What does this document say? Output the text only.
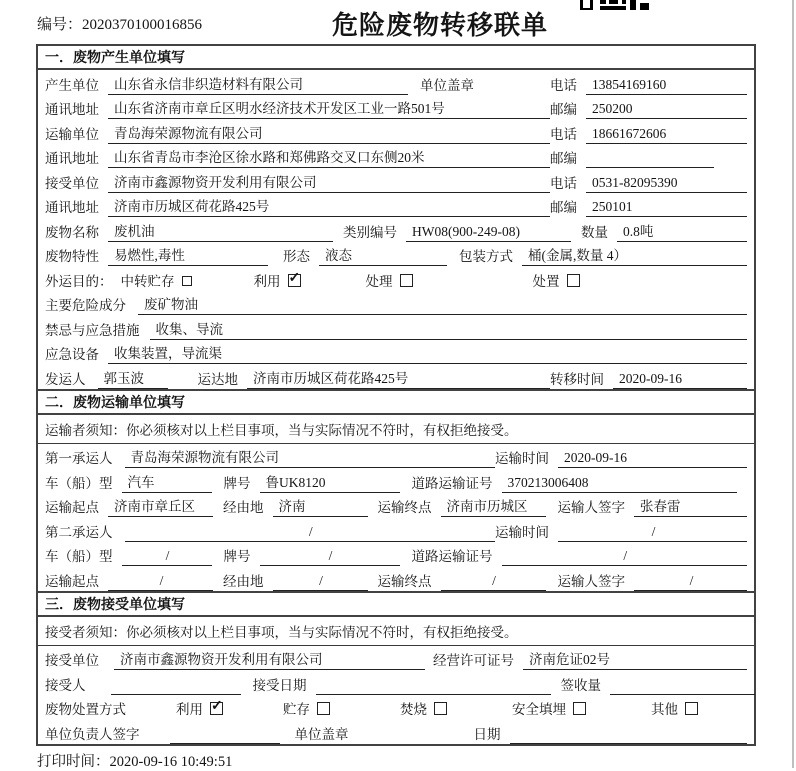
编号：2020370100016856	危险废物转移联单
一．废物产生单位填写
产生单位	山东省永信非织造材料有限公司	单位盖章	电话	13854169160
通讯地址	山东省济南市章丘区明水经济技术开发区工业一路501号	邮编	250200
运输单位	青岛海荣源物流有限公司	电话	18661672606
通讯地址	山东省青岛市李沧区徐水路和郑佛路交叉口东侧20米	邮编
接受单位	济南市鑫源物资开发利用有限公司	电话	0531-82095390
通讯地址	济南市历城区荷花路425号	邮编	250101
废物名称	废机油	类别编号	HW08(900-249-08)	数量	0.8吨
废物特性	易燃性,毒性	形态	液态	包装方式	桶(金属,数量 4）
外运目的： 中转贮存	利用 ✓	处理	处置
主要危险成分	废矿物油
禁忌与应急措施	收集、导流
应急设备	收集装置，导流渠
发运人	郭玉波	运达地	济南市历城区荷花路425号	转移时间	2020-09-16
二．废物运输单位填写
运输者须知：你必须核对以上栏目事项，当与实际情况不符时，有权拒绝接受。
第一承运人	青岛海荣源物流有限公司	运输时间	2020-09-16
车（船）型	汽车	牌号	鲁UK8120	道路运输证号	370213006408
运输起点	济南市章丘区	经由地	济南	运输终点	济南市历城区	运输人签字	张春雷
第二承运人	/	运输时间	/
车（船）型	/	牌号	/	道路运输证号	/
运输起点	/	经由地	/	运输终点	/	运输人签字	/
三．废物接受单位填写
接受者须知：你必须核对以上栏目事项，当与实际情况不符时，有权拒绝接受。
接受单位	济南市鑫源物资开发利用有限公司	经营许可证号	济南危证02号
接受人	接受日期	签收量
废物处置方式	利用 ✓	贮存	焚烧	安全填埋	其他
单位负责人签字	单位盖章	日期
打印时间：2020-09-16 10:49:51
